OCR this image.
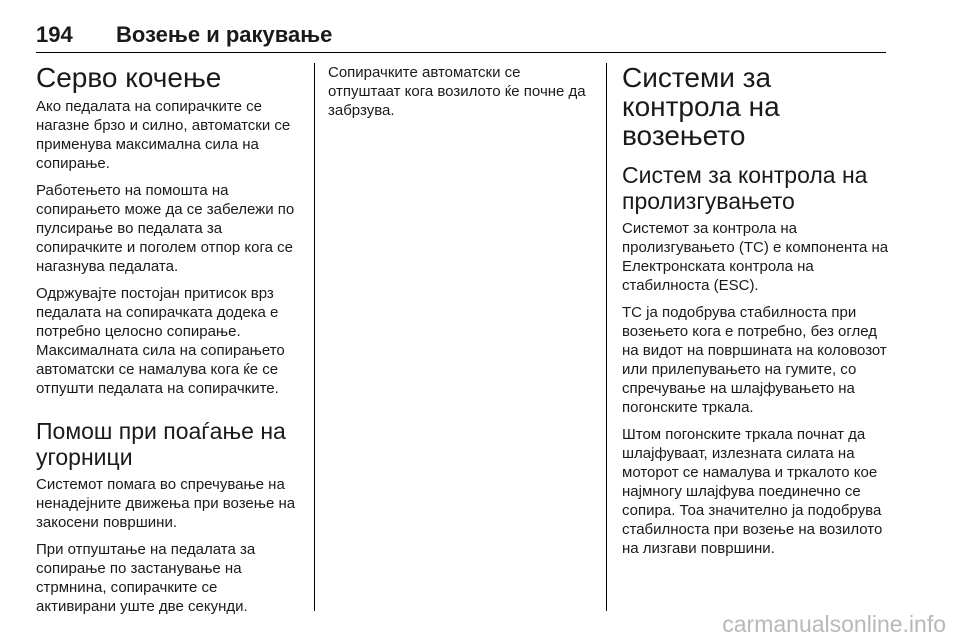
194 Возење и ракување
Серво кочење

Ако педалата на сопирачките се нагазне брзо и силно, автоматски се применува максимална сила на сопирање.

Работењето на помошта на сопирањето може да се забележи по пулсирање во педалата за сопирачките и поголем отпор кога се нагазнува педалата.

Одржувајте постојан притисок врз педалата на сопирачката додека е потребно целосно сопирање.

Максималната сила на сопирањето автоматски се намалува кога ќе се отпушти педалата на сопирачките.

Помош при поаѓање на угорници

Системот помага во спречување на ненадејните движења при возење на закосени површини.

При отпуштање на педалата за сопирање по застанување на стрмнина, сопирачките се активирани уште две секунди.

Сопирачките автоматски се отпуштаат кога возилото ќе почне да забрзува.

Системи за контрола на возењето
Систем за контрола на пролизгувањето

Системот за контрола на пролизгувањето (TC) е компонента на Електронската контрола на стабилноста (ESC).

TC ја подобрува стабилноста при возењето кога е потребно, без оглед на видот на површината на коловозот или прилепувањето на гумите, со спречување на шлајфувањето на погонските тркала.

Штом погонските тркала почнат да шлајфуваат, излезната силата на моторот се намалува и тркалото кое најмногу шлајфува поединечно се сопира. Тоа значително ја подобрува стабилноста при возење на возилото на лизгави површини.

carmanualsonline.info
